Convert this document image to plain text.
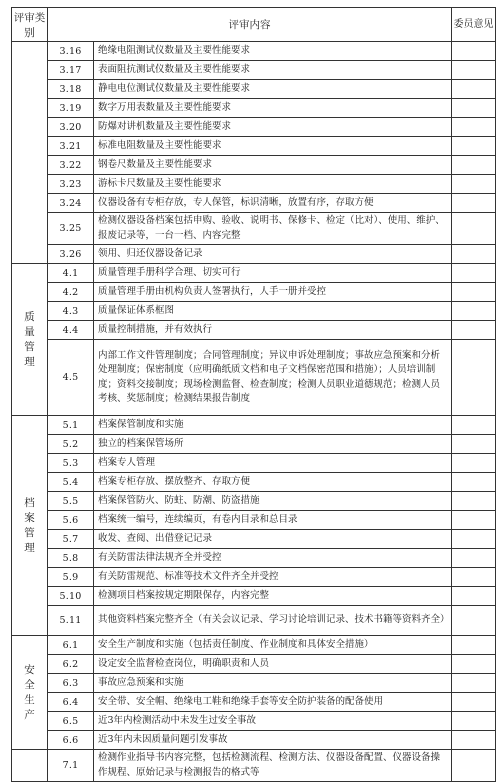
评审类别	评审内容		委员意见
	3.16	绝缘电阻测试仪数量及主要性能要求	
	3.17	表面阻抗测试仪数量及主要性能要求	
	3.18	静电电位测试仪数量及主要性能要求	
	3.19	数字万用表数量及主要性能要求	
	3.20	防爆对讲机数量及主要性能要求	
	3.21	标准电阻数量及主要性能要求	
	3.22	钢卷尺数量及主要性能要求	
	3.23	游标卡尺数量及主要性能要求	
	3.24	仪器设备有专柜存放，专人保管，标识清晰，放置有序，存取方便	
	3.25	检测仪器设备档案包括申购、验收、说明书、保修卡、检定（比对）、使用、维护、报废记录等，一台一档、内容完整	
	3.26	领用、归还仪器设备记录	
质量管理	4.1	质量管理手册科学合理、切实可行	
	4.2	质量管理手册由机构负责人签署执行，人手一册并受控	
	4.3	质量保证体系框图	
	4.4	质量控制措施，并有效执行	
	4.5	内部工作文件管理制度；合同管理制度；异议申诉处理制度；事故应急预案和分析处理制度；保密制度（应明确纸质文档和电子文档保密范围和措施）；人员培训制度；资料交接制度；现场检测监督、检查制度；检测人员职业道德规范；检测人员考核、奖惩制度；检测结果报告制度	
档案管理	5.1	档案保管制度和实施	
	5.2	独立的档案保管场所	
	5.3	档案专人管理	
	5.4	档案专柜存放、摆放整齐、存取方便	
	5.5	档案保管防火、防蛀、防潮、防盗措施	
	5.6	档案统一编号，连续编页，有卷内目录和总目录	
	5.7	收发、查阅、出借登记记录	
	5.8	有关防雷法律法规齐全并受控	
	5.9	有关防雷规范、标准等技术文件齐全并受控	
	5.10	检测项目档案按规定期限保存，内容完整	
	5.11	其他资料档案完整齐全（有关会议记录、学习讨论培训记录、技术书籍等资料齐全）	
安全生产	6.1	安全生产制度和实施（包括责任制度、作业制度和具体安全措施）	
	6.2	设定安全监督检查岗位，明确职责和人员	
	6.3	事故应急预案和实施	
	6.4	安全带、安全帽、绝缘电工鞋和绝缘手套等安全防护装备的配备使用	
	6.5	近3年内检测活动中未发生过安全事故	
	6.6	近3年内未因质量问题引发事故	
	7.1	检测作业指导书内容完整，包括检测流程、检测方法、仪器设备配置、仪器设备操作规程、原始记录与检测报告的格式等	
